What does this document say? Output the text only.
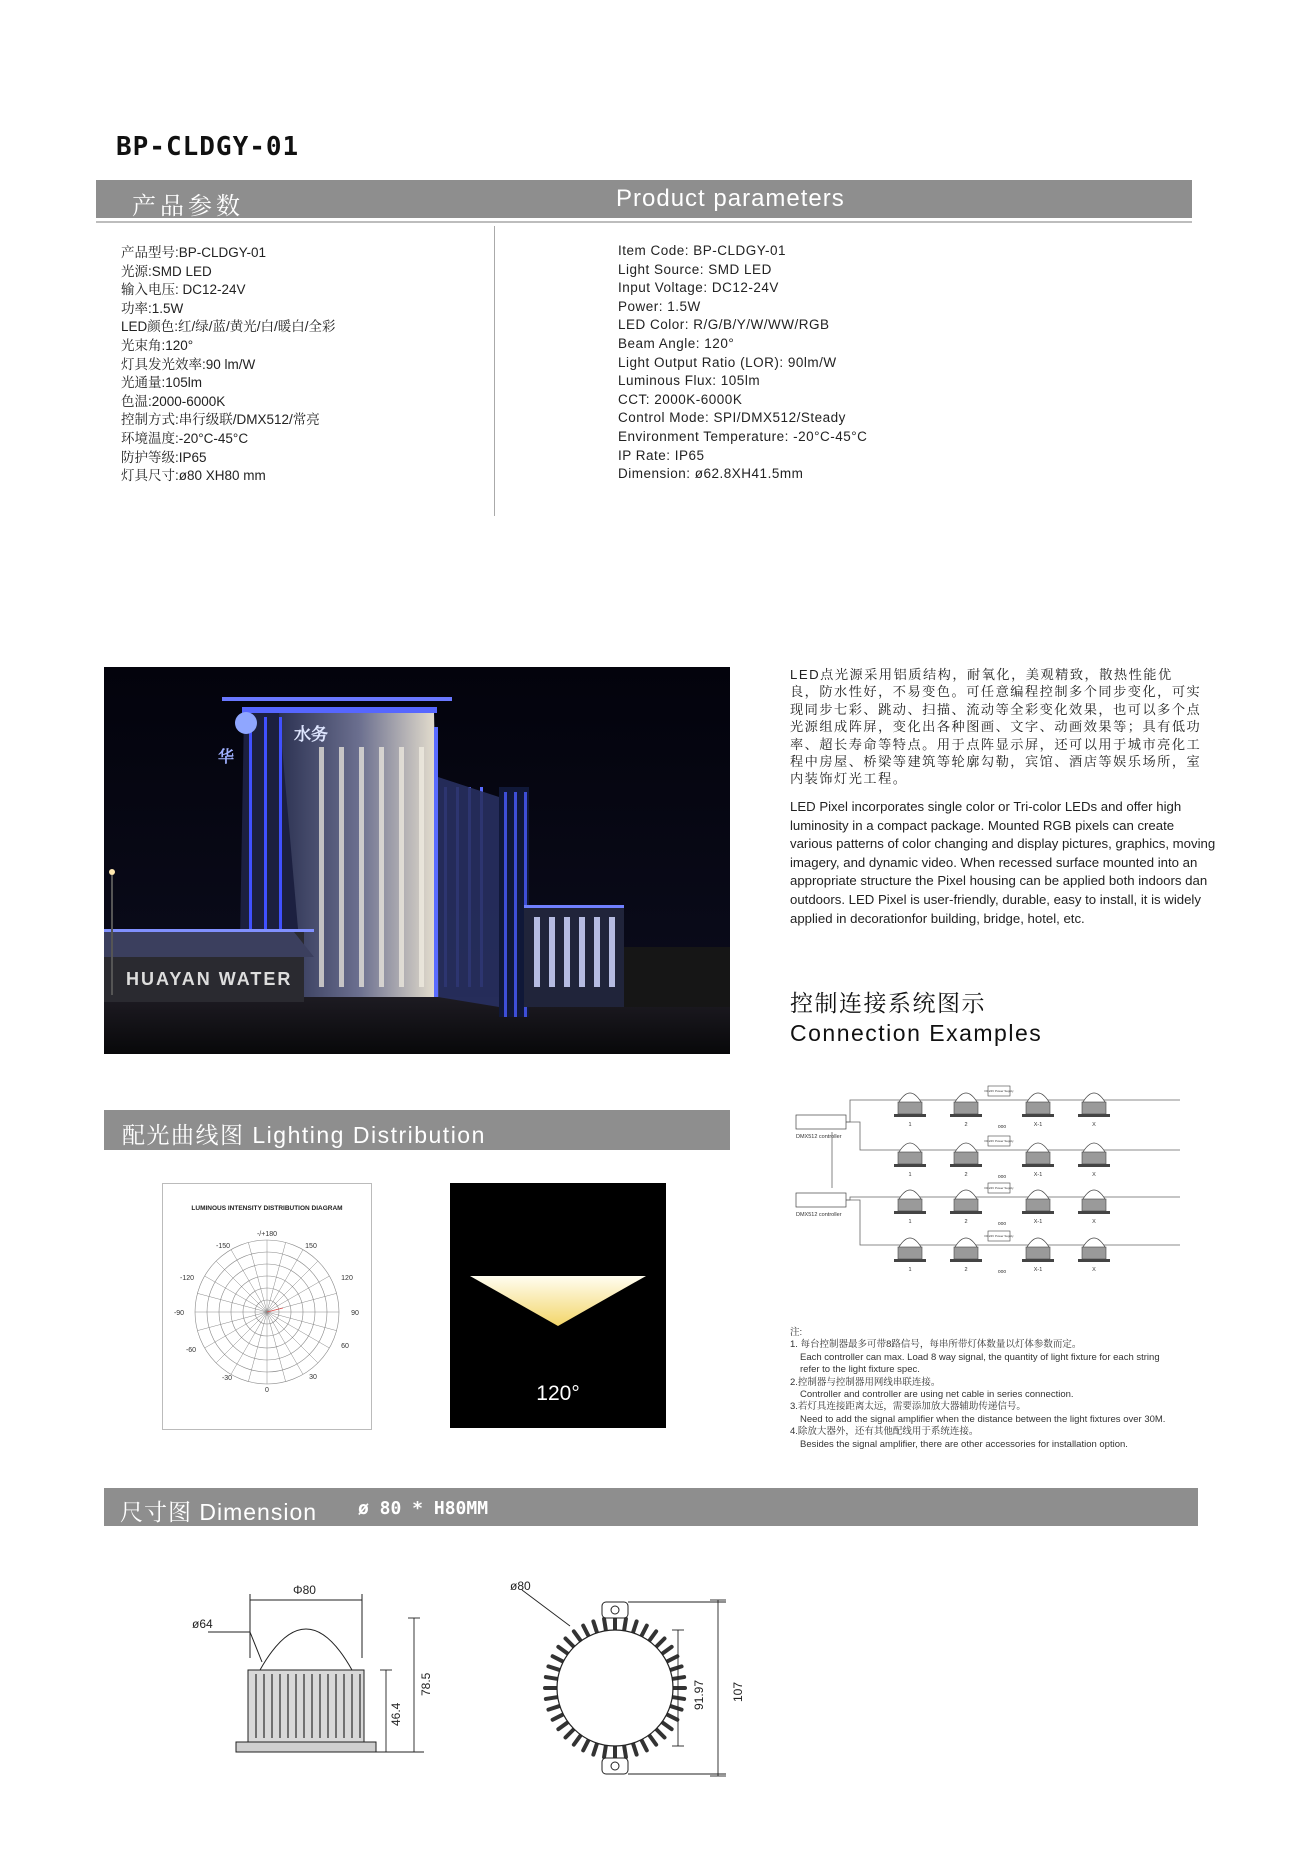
BP-CLDGY-01
产品参数	Product parameters
产品型号:BP-CLDGY-01
光源:SMD LED
输入电压: DC12-24V
功率:1.5W
LED颜色:红/绿/蓝/黄光/白/暖白/全彩
光束角:120°
灯具发光效率:90 lm/W
光通量:105lm
色温:2000-6000K
控制方式:串行级联/DMX512/常亮
环境温度:-20°C-45°C
防护等级:IP65
灯具尺寸:ø80 XH80 mm
Item Code: BP-CLDGY-01
Light Source: SMD LED
Input Voltage: DC12-24V
Power: 1.5W
LED Color: R/G/B/Y/W/WW/RGB
Beam Angle: 120°
Light Output Ratio (LOR): 90lm/W
Luminous Flux: 105lm
CCT: 2000K-6000K
Control Mode: SPI/DMX512/Steady
Environment Temperature: -20°C-45°C
IP Rate: IP65
Dimension: ø62.8XH41.5mm
华
水务
HUAYAN WATER
LED点光源采用铝质结构，耐氧化，美观精致，散热性能优良，防水性好，不易变色。可任意编程控制多个同步变化，可实现同步七彩、跳动、扫描、流动等全彩变化效果，也可以多个点光源组成阵屏，变化出各种图画、文字、动画效果等；具有低功率、超长寿命等特点。用于点阵显示屏，还可以用于城市亮化工程中房屋、桥梁等建筑等轮廓勾勒，宾馆、酒店等娱乐场所，室内装饰灯光工程。
LED Pixel incorporates single color or Tri-color LEDs and offer high luminosity in a compact package. Mounted RGB pixels can create various patterns of color changing and display pictures, graphics, moving imagery, and dynamic video. When recessed surface mounted into an appropriate structure the Pixel housing can be applied both indoors dan outdoors. LED Pixel is user-friendly, durable, easy to install, it is widely applied in decorationfor building, bridge, hotel, etc.
控制连接系统图示
Connection Examples
配光曲线图 Lighting Distribution
LUMINOUS INTENSITY DISTRIBUTION DIAGRAM
-/+180
-150	150
-120	120
-90	90
-60
60
-30	30
0	120°
DMX512 controller
DMX512 controller
1	2	X-1	X
DC24V Power Supply
ooo
1	2	X-1	X
DC24V Power Supply
ooo
1	2	X-1	X
DC24V Power Supply
ooo
1	2	X-1	X
DC24V Power Supply
ooo
注:
1. 每台控制器最多可带8路信号，每串所带灯体数量以灯体参数而定。
Each controller can max. Load 8 way signal, the quantity of light fixture for each string
refer to the light fixture spec.
2.控制器与控制器用网线串联连接。
Controller and controller are using net cable in series connection.
3.若灯具连接距离太远，需要添加放大器辅助传递信号。
Need to add the signal amplifier when the distance between the light fixtures over 30M.
4.除放大器外，还有其他配线用于系统连接。
Besides the signal amplifier, there are other accessories for installation option.
尺寸图 Dimension ø 80 * H80MM
Φ80
ø64
46.4
78.5
ø80
91.97 107
